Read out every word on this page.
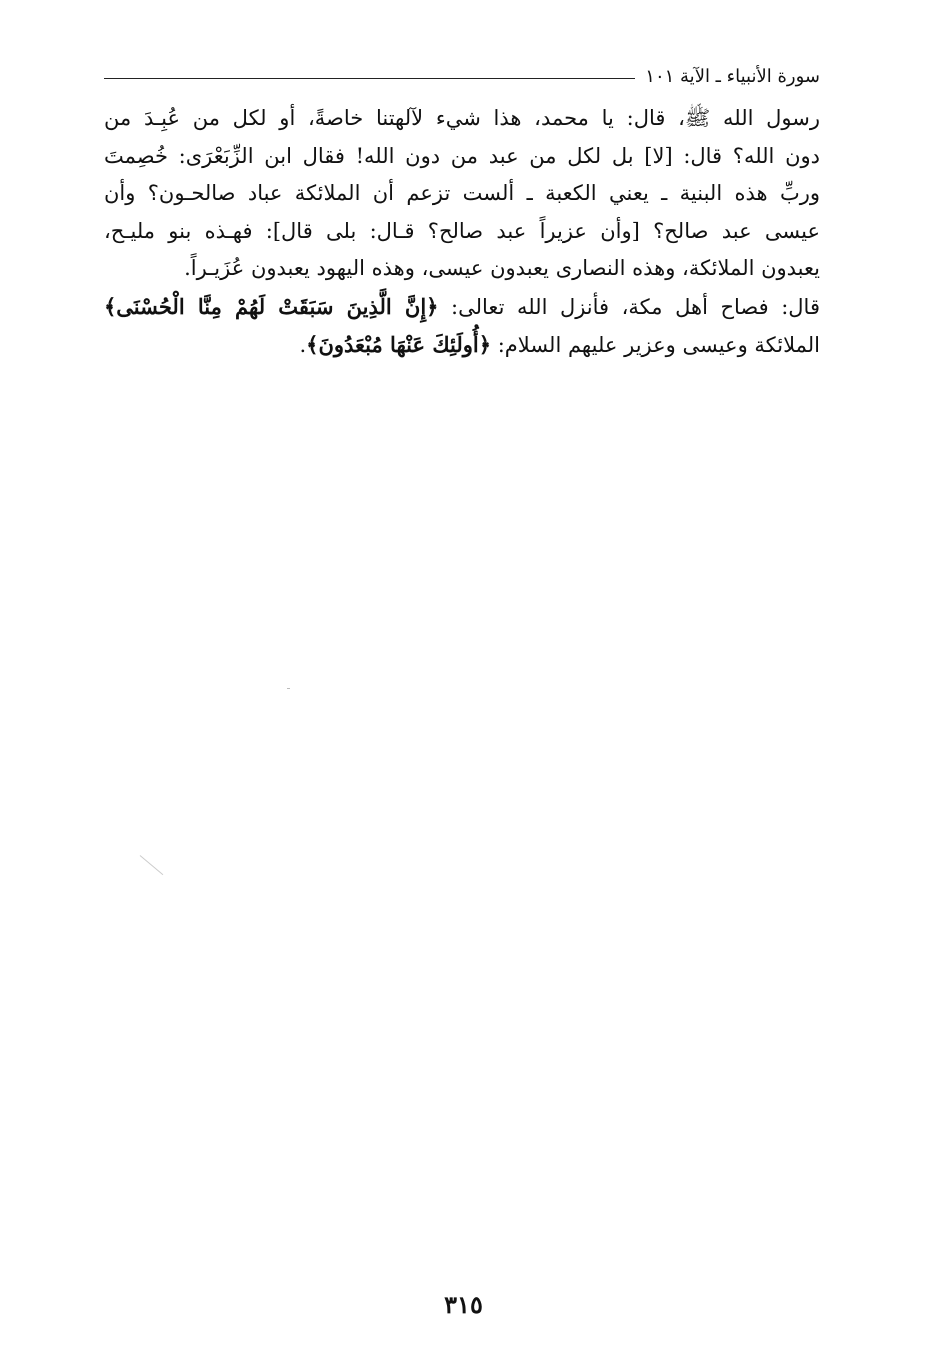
سورة الأنبياء ـ الآية ١٠١
رسول الله ﷺ، قال: يا محمد، هذا شيء لآلهتنا خاصةً، أو لكل من عُبِـدَ من
دون الله؟ قال: [لا] بل لكل من عبد من دون الله! فقال ابن الزِّبَعْرَى: خُصِمتَ
وربِّ هذه البنية ـ يعني الكعبة ـ ألست تزعم أن الملائكة عباد صالحـون؟ وأن
عيسى عبد صالح؟ [وأن عزيراً عبد صالح؟ قـال: بلى قال]: فهـذه بنو مليـح،
يعبدون الملائكة، وهذه النصارى يعبدون عيسى، وهذه اليهود يعبدون عُزَيـراً.
قال: فصاح أهل مكة، فأنزل الله تعالى: ﴿إِنَّ الَّذِينَ سَبَقَتْ لَهُمْ مِنَّا الْحُسْنَى﴾
الملائكة وعيسى وعزير عليهم السلام: ﴿أُولَئِكَ عَنْهَا مُبْعَدُونَ﴾.
٣١٥
